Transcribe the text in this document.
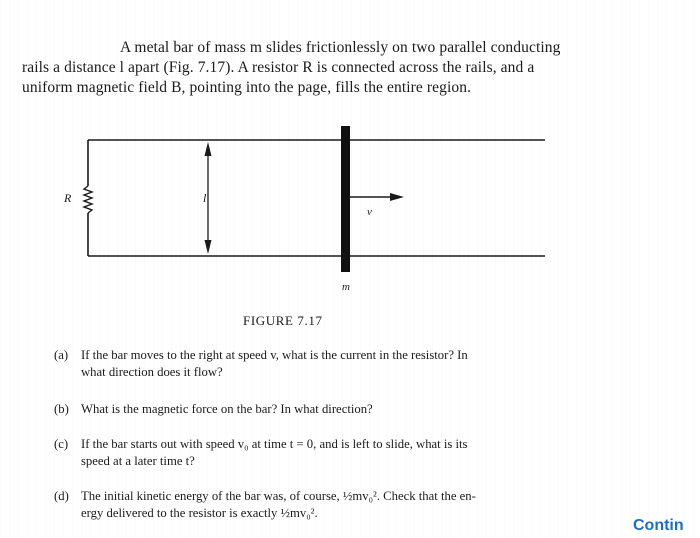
A metal bar of mass m slides frictionlessly on two parallel conducting
rails a distance l apart (Fig. 7.17). A resistor R is connected across the rails, and a
uniform magnetic field B, pointing into the page, fills the entire region.
R	l
v
m
FIGURE 7.17
(a) If the bar moves to the right at speed v, what is the current in the resistor? In
what direction does it flow?
(b) What is the magnetic force on the bar? In what direction?
(c) If the bar starts out with speed v₀ at time t = 0, and is left to slide, what is its
speed at a later time t?
(d) The initial kinetic energy of the bar was, of course, ½mv₀². Check that the en-
ergy delivered to the resistor is exactly ½mv₀².
Contin
